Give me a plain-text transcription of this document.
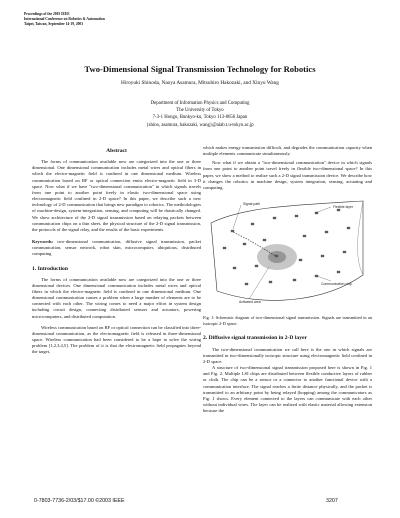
Proceedings of the 2003 IEEE
International Conference on Robotics & Automation
Taipei, Taiwan, September 14-19, 2003
Two-Dimensional Signal Transmission Technology for Robotics
Hiroyuki Shinoda, Naoya Asamura, Mitsuhiro Hakozaki, and Xinyu Wang
Department of Information Physics and Computing
The University of Tokyo
7-3-1 Hongo, Bunkyo-ku, Tokyo 113-8656 Japan
{shino, asamura, hakozaki, wang}@alab.t.u-tokyo.ac.jp
Abstract

The forms of communication available now are categorized into the one or three dimensional. One dimensional communication includes metal wires and optical fibers in which the electro-magnetic field is confined in one dimensional medium. Wireless communication based on RF or optical connection emits electro-magnetic field in 3-D space. Now what if we have "two-dimensional communication" in which signals travels from one point to another point freely in elastic two-dimensional space using electromagnetic field confined in 2-D space? In this paper, we describe such a new technology of 2-D communication that brings new paradigm to robotics. The methodologies of machine-design, system-integration, sensing, and computing will be drastically changed. We show architecture of the 2-D signal transmission based on relaying packets between communication chips on a thin sheet, the physical structure of the 2-D signal transmission, the protocols of the signal relay, and the results of the basic experiments.

Keywords: two-dimensional communication, diffusive signal transmission, packet communication, sensor network, robot skin, microcomputer, ubiquitous, distributed computing

1. Introduction

The forms of communication available now are categorized into the one or three dimensional devices. One dimensional communication includes metal wires and optical fibers in which the electro-magnetic field is confined in one dimensional medium. One dimensional communication causes a problem when a large number of elements are to be connected with each other. The wiring comes to need a major effort in system design including circuit design, connecting distributed sensors and actuators, powering microcomputers, and distributed computation.

Wireless communication based on RF or optical connection can be classified into three-dimensional communication, as the electromagnetic field is released in three-dimensional space. Wireless communication had been considered to be a hope to solve the wiring problem [1,2,3,4,5]. The problem of it is that the electromagnetic field propagates beyond the target,

which makes energy transmission difficult, and degrades the communication capacity when multiple elements communicate simultaneously.

Now what if we obtain a "two-dimensional communication" device in which signals from one point to another point travel freely in flexible two-dimensional space? In this paper, we show a method to realize such a 2-D signal transmission device. We describe how it changes the robotics in machine design, system integration, sensing, actuating and computing.

Signal path
Flexible layer
Communication chip
Activated area

Fig. 1: Schematic diagram of two-dimensional signal transmission. Signals are transmitted in an isotropic 2-D space.

2. Diffusive signal transmission in 2-D layer

The two-dimensional communication we call here is the one in which signals are transmitted in two-dimensionally isotropic structure using electromagnetic field confined in 2-D space.

A structure of two-dimensional signal transmission proposed here is shown in Fig. 1 and Fig. 2. Multiple LSI chips are distributed between flexible conductive layers of rubber or cloth. The chip can be a sensor or a connector to another functional device with a communication interface. The signal reaches a finite distance physically, and the packet is transmitted to an arbitrary point by being relayed (hopping) among the communicators as Fig. 1 shows. Every element connected to the layers can communicate with each other without individual wires. The layer can be realized with elastic material allowing extension because the

0-7803-7736-2/03/$17.00 ©2003 IEEE	3207
